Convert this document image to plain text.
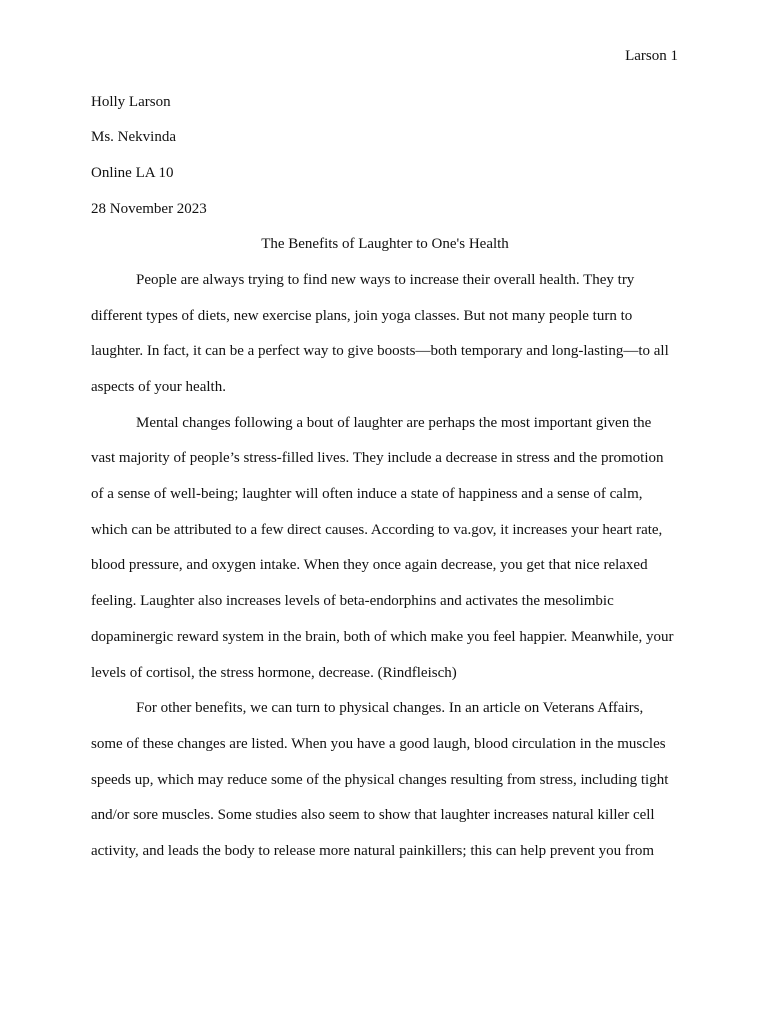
Larson 1
Holly Larson
Ms. Nekvinda
Online LA 10
28 November 2023
The Benefits of Laughter to One's Health
People are always trying to find new ways to increase their overall health. They try
different types of diets, new exercise plans, join yoga classes. But not many people turn to
laughter. In fact, it can be a perfect way to give boosts—both temporary and long-lasting—to all
aspects of your health.
Mental changes following a bout of laughter are perhaps the most important given the
vast majority of people’s stress-filled lives. They include a decrease in stress and the promotion
of a sense of well-being; laughter will often induce a state of happiness and a sense of calm,
which can be attributed to a few direct causes. According to va.gov, it increases your heart rate,
blood pressure, and oxygen intake. When they once again decrease, you get that nice relaxed
feeling. Laughter also increases levels of beta-endorphins and activates the mesolimbic
dopaminergic reward system in the brain, both of which make you feel happier. Meanwhile, your
levels of cortisol, the stress hormone, decrease. (Rindfleisch)
For other benefits, we can turn to physical changes. In an article on Veterans Affairs,
some of these changes are listed. When you have a good laugh, blood circulation in the muscles
speeds up, which may reduce some of the physical changes resulting from stress, including tight
and/or sore muscles. Some studies also seem to show that laughter increases natural killer cell
activity, and leads the body to release more natural painkillers; this can help prevent you from
